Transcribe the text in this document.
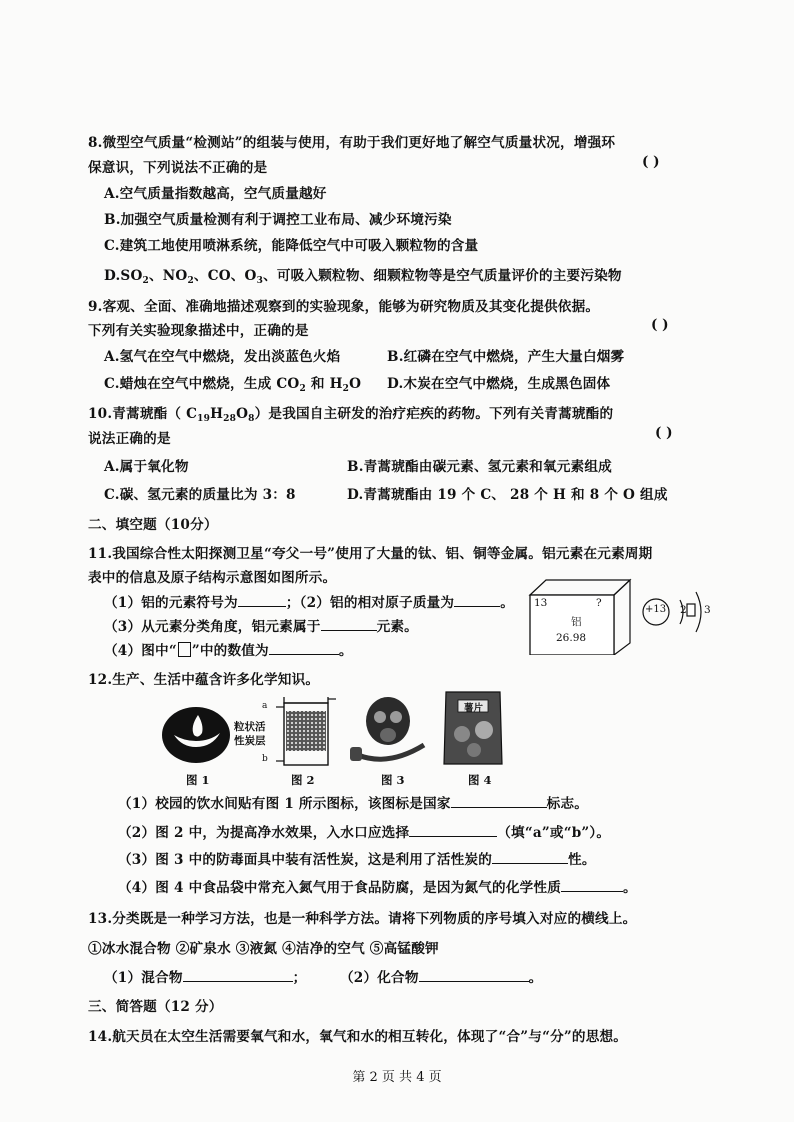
8.微型空气质量“检测站”的组装与使用，有助于我们更好地了解空气质量状况，增强环
保意识，下列说法不正确的是	( )
A.空气质量指数越高，空气质量越好
B.加强空气质量检测有利于调控工业布局、减少环境污染
C.建筑工地使用喷淋系统，能降低空气中可吸入颗粒物的含量
$D.SO_2$、$NO_2$、CO、$O_3$、可吸入颗粒物、细颗粒物等是空气质量评价的主要污染物
9.客观、全面、准确地描述观察到的实验现象，能够为研究物质及其变化提供依据。
下列有关实验现象描述中，正确的是	( )
A.氢气在空气中燃烧，发出淡蓝色火焰	B.红磷在空气中燃烧，产生大量白烟雾
C.蜡烛在空气中燃烧，生成 $CO_2$ 和 $H_2O$ D.木炭在空气中燃烧，生成黑色固体
10.青蒿琥酯（ $C_{19}H_{28}O_8$）是我国自主研发的治疗疟疾的药物。下列有关青蒿琥酯的
说法正确的是	( )
A.属于氧化物	B.青蒿琥酯由碳元素、氢元素和氧元素组成
C.碳、氢元素的质量比为 3：8	D.青蒿琥酯由 19 个 C、 28 个 H 和 8 个 O 组成
二、填空题（10分）
11.我国综合性太阳探测卫星“夸父一号”使用了大量的钛、铝、铜等金属。铝元素在元素周期
表中的信息及原子结构示意图如图所示。
（1）铝的元素符号为	；（2）铝的相对原子质量为	。
（3）从元素分类角度，铝元素属于	元素。
（4）图中“ ”中的数值为	。
13	?
铝
26.98
+13 2 3
12.生产、生活中蕴含许多化学知识。
a
b
粒状活
性炭层
薯片
图 1	图 2	图 3	图 4
（1）校园的饮水间贴有图 1 所示图标，该图标是国家	标志。
（2）图 2 中，为提高净水效果，入水口应选择	（填“a”或“b”）。
（3）图 3 中的防毒面具中装有活性炭，这是利用了活性炭的	性。
（4）图 4 中食品袋中常充入氮气用于食品防腐，是因为氮气的化学性质	。
13.分类既是一种学习方法，也是一种科学方法。请将下列物质的序号填入对应的横线上。
①冰水混合物 ②矿泉水 ③液氮 ④洁净的空气 ⑤高锰酸钾
（1）混合物	； （2）化合物	。
三、简答题（12 分）
14.航天员在太空生活需要氧气和水，氧气和水的相互转化，体现了“合”与“分”的思想。
第 2 页 共 4 页
